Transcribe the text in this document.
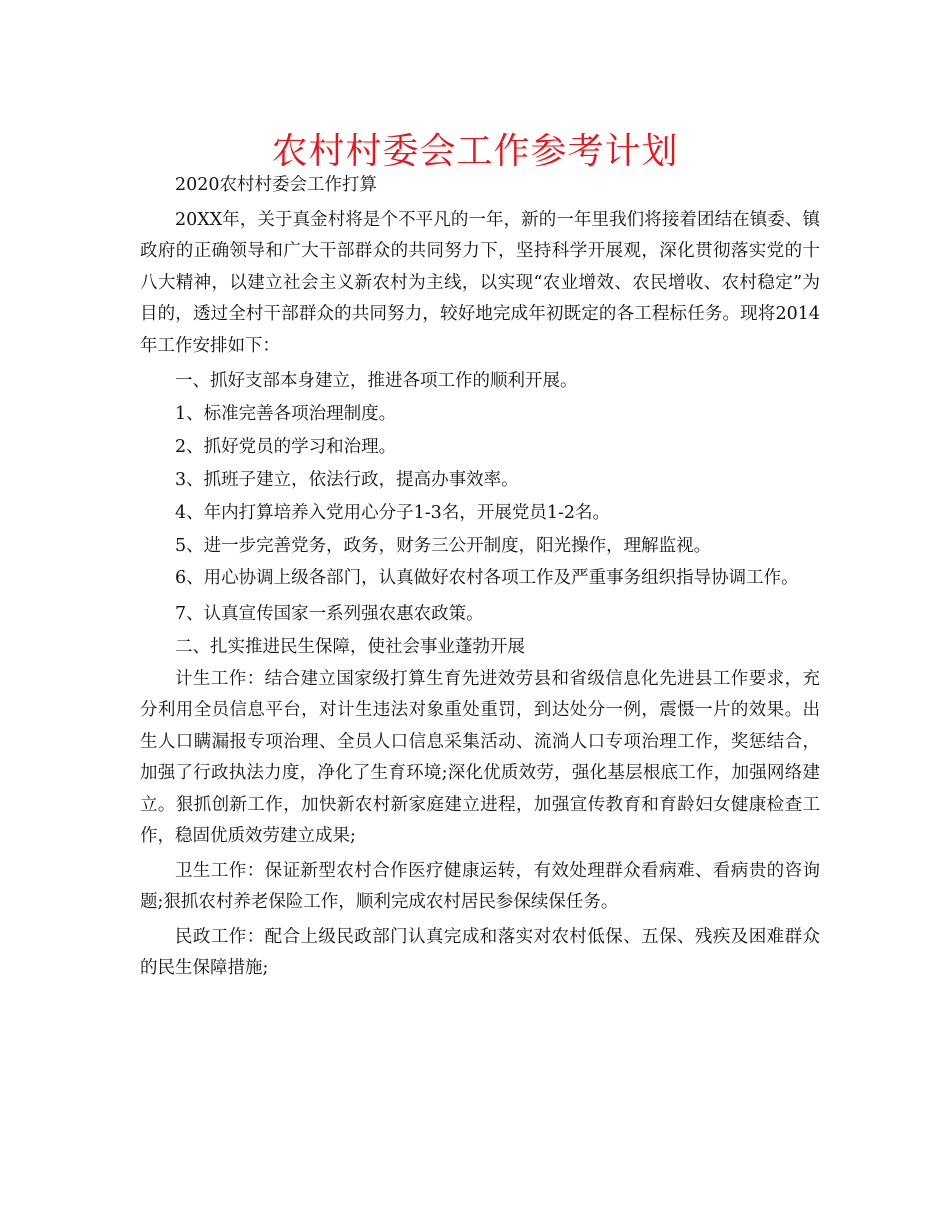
农村村委会工作参考计划

2020农村村委会工作打算

20XX年，关于真金村将是个不平凡的一年，新的一年里我们将接着团结在镇委、镇政府的正确领导和广大干部群众的共同努力下，坚持科学开展观，深化贯彻落实党的十八大精神，以建立社会主义新农村为主线，以实现“农业增效、农民增收、农村稳定”为目的，透过全村干部群众的共同努力，较好地完成年初既定的各工程标任务。现将2014年工作安排如下：

一、抓好支部本身建立，推进各项工作的顺利开展。

1、标准完善各项治理制度。

2、抓好党员的学习和治理。

3、抓班子建立，依法行政，提高办事效率。

4、年内打算培养入党用心分子1-3名，开展党员1-2名。

5、进一步完善党务，政务，财务三公开制度，阳光操作，理解监视。

6、用心协调上级各部门，认真做好农村各项工作及严重事务组织指导协调工作。

7、认真宣传国家一系列强农惠农政策。

二、扎实推进民生保障，使社会事业蓬勃开展

计生工作：结合建立国家级打算生育先进效劳县和省级信息化先进县工作要求，充分利用全员信息平台，对计生违法对象重处重罚，到达处分一例，震慑一片的效果。出生人口瞒漏报专项治理、全员人口信息采集活动、流淌人口专项治理工作，奖惩结合，加强了行政执法力度，净化了生育环境;深化优质效劳，强化基层根底工作，加强网络建立。狠抓创新工作，加快新农村新家庭建立进程，加强宣传教育和育龄妇女健康检查工作，稳固优质效劳建立成果;

卫生工作：保证新型农村合作医疗健康运转，有效处理群众看病难、看病贵的咨询题;狠抓农村养老保险工作，顺利完成农村居民参保续保任务。

民政工作：配合上级民政部门认真完成和落实对农村低保、五保、残疾及困难群众的民生保障措施;
